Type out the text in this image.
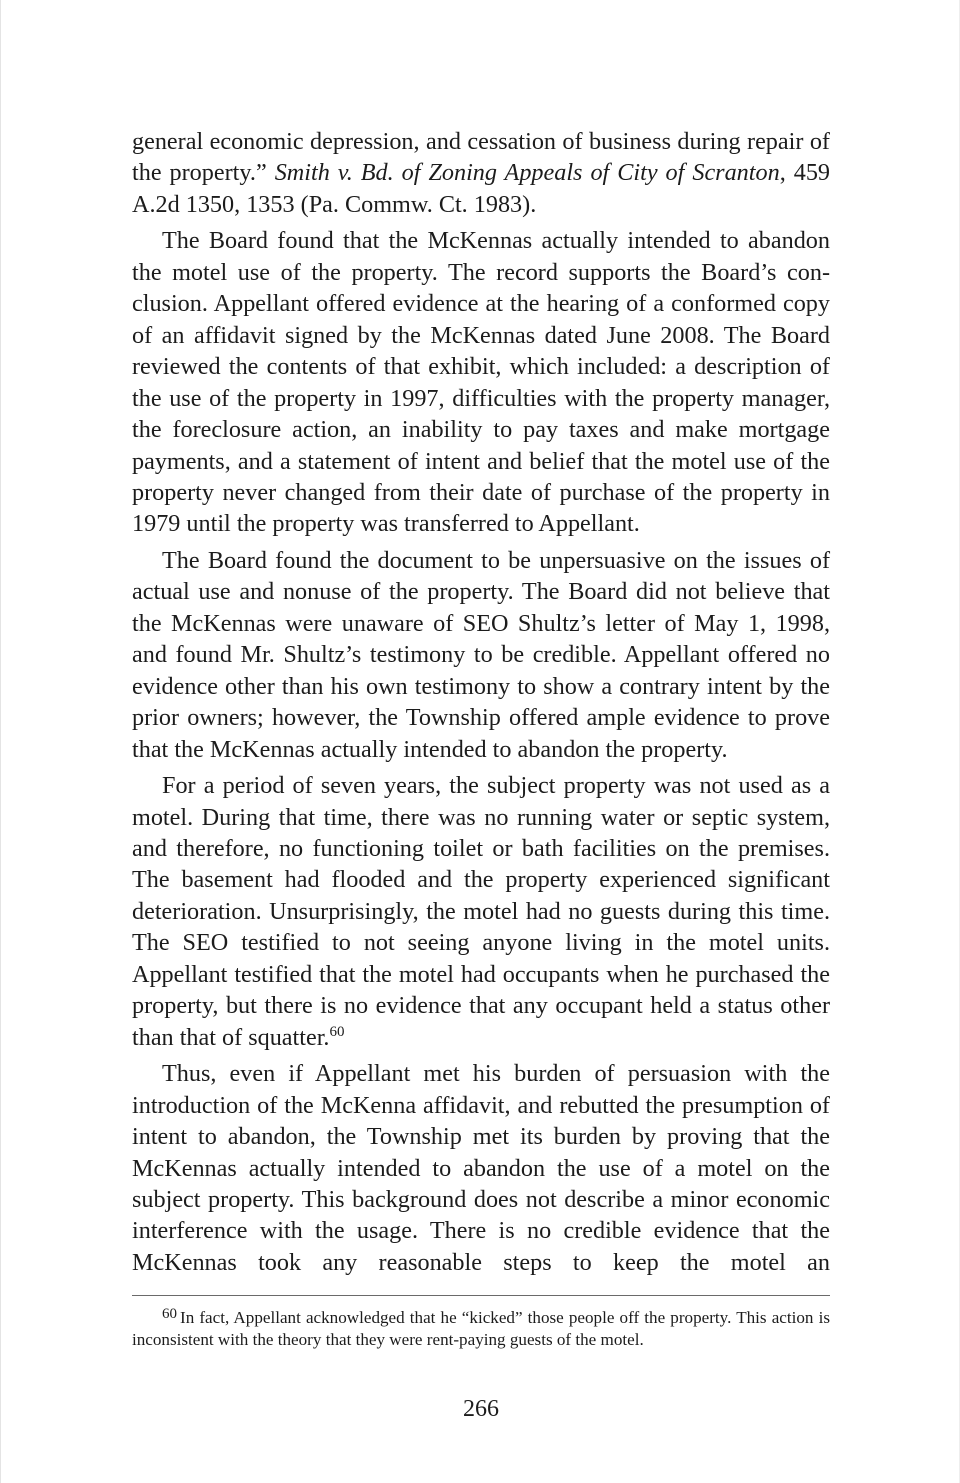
general economic depression, and cessation of business during repair of the property.” Smith v. Bd. of Zoning Appeals of City of Scranton, 459 A.2d 1350, 1353 (Pa. Commw. Ct. 1983).

The Board found that the McKennas actually intended to abandon the motel use of the property. The record supports the Board’s conclusion. Appellant offered evidence at the hearing of a conformed copy of an affidavit signed by the McKennas dated June 2008. The Board reviewed the contents of that exhibit, which included: a description of the use of the property in 1997, difficulties with the property manager, the foreclosure action, an inability to pay taxes and make mortgage payments, and a statement of intent and belief that the motel use of the property never changed from their date of purchase of the property in 1979 until the property was transferred to Appellant.

The Board found the document to be unpersuasive on the issues of actual use and nonuse of the property. The Board did not believe that the McKennas were unaware of SEO Shultz’s letter of May 1, 1998, and found Mr. Shultz’s testimony to be credible. Appellant offered no evidence other than his own testimony to show a contrary intent by the prior owners; however, the Township offered ample evidence to prove that the McKennas actually intended to abandon the property.

For a period of seven years, the subject property was not used as a motel. During that time, there was no running water or septic system, and therefore, no functioning toilet or bath facilities on the premises. The basement had flooded and the property experienced significant deterioration. Unsurprisingly, the motel had no guests during this time. The SEO testified to not seeing anyone living in the motel units. Appellant testified that the motel had occupants when he purchased the property, but there is no evidence that any occupant held a status other than that of squatter.$^{60}$

Thus, even if Appellant met his burden of persuasion with the introduction of the McKenna affidavit, and rebutted the presumption of intent to abandon, the Township met its burden by proving that the McKennas actually intended to abandon the use of a motel on the subject property. This background does not describe a minor economic interference with the usage. There is no credible evidence that the McKennas took any reasonable steps to keep the motel an

$^{60}$ In fact, Appellant acknowledged that he “kicked” those people off the property. This action is inconsistent with the theory that they were rent-paying guests of the motel.

266
